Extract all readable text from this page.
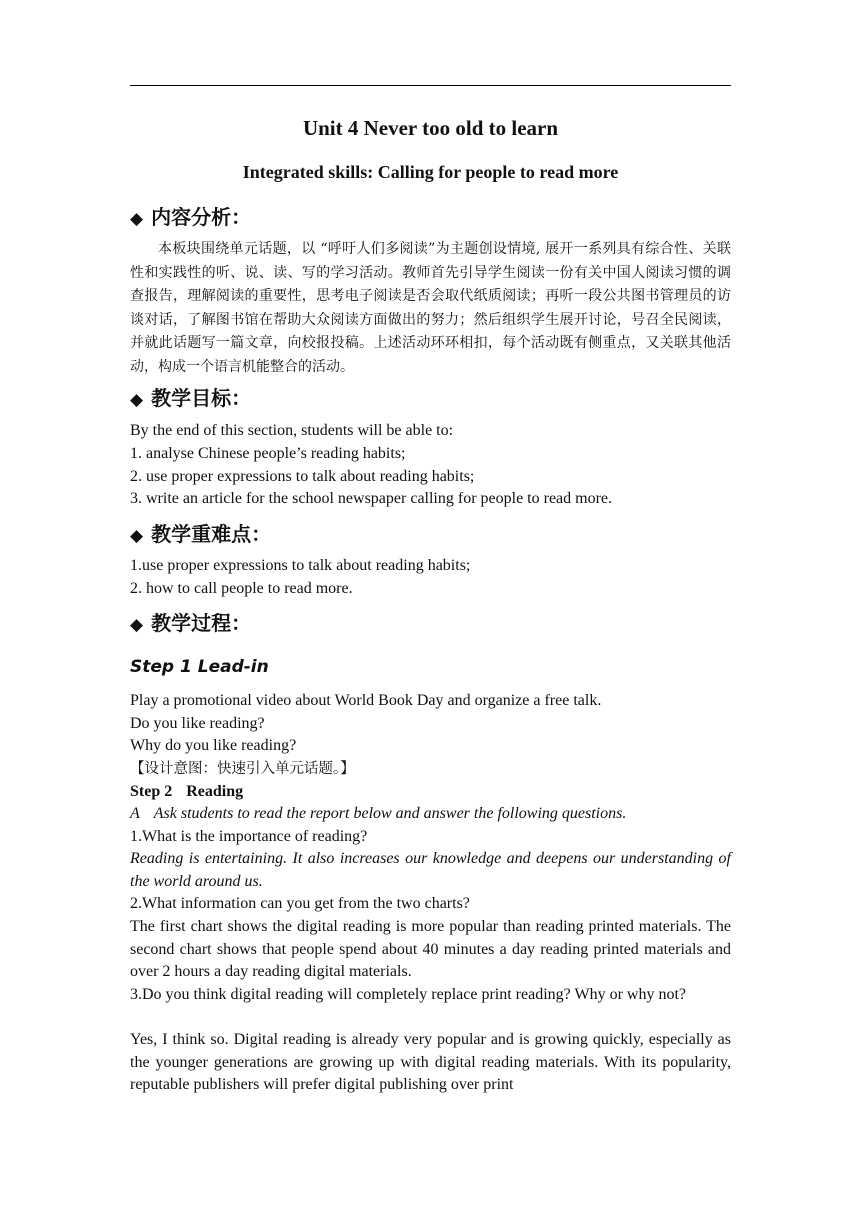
Unit 4 Never too old to learn
Integrated skills: Calling for people to read more
◆ 内容分析：
本板块围绕单元话题，以 “呼吁人们多阅读”为主题创设情境, 展开一系列具有综合性、关联性和实践性的听、说、读、写的学习活动。教师首先引导学生阅读一份有关中国人阅读习惯的调查报告，理解阅读的重要性，思考电子阅读是否会取代纸质阅读；再听一段公共图书管理员的访谈对话，了解图书馆在帮助大众阅读方面做出的努力；然后组织学生展开讨论，号召全民阅读，并就此话题写一篇文章，向校报投稿。上述活动环环相扣，每个活动既有侧重点，又关联其他活动，构成一个语言机能整合的活动。
◆ 教学目标：
By the end of this section, students will be able to:
1. analyse Chinese people’s reading habits;
2. use proper expressions to talk about reading habits;
3. write an article for the school newspaper calling for people to read more.
◆ 教学重难点：
1.use proper expressions to talk about reading habits;
2. how to call people to read more.
◆ 教学过程：
Step 1 Lead-in
Play a promotional video about World Book Day and organize a free talk.
Do you like reading?
Why do you like reading?
【设计意图：快速引入单元话题。】
Step 2 Reading
A Ask students to read the report below and answer the following questions.
1.What is the importance of reading?
Reading is entertaining. It also increases our knowledge and deepens our understanding of the world around us.
2.What information can you get from the two charts?
The first chart shows the digital reading is more popular than reading printed materials. The second chart shows that people spend about 40 minutes a day reading printed materials and over 2 hours a day reading digital materials.
3.Do you think digital reading will completely replace print reading? Why or why not?
Yes, I think so. Digital reading is already very popular and is growing quickly, especially as the younger generations are growing up with digital reading materials. With its popularity, reputable publishers will prefer digital publishing over print
